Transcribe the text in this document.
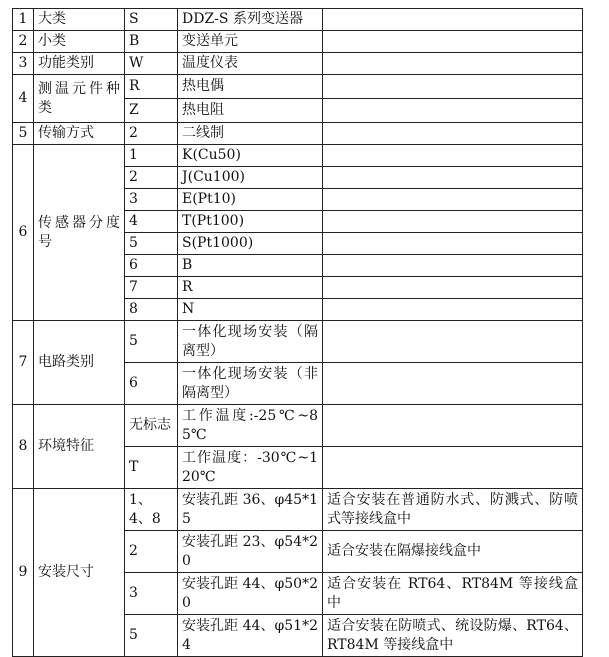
1	大类	S	DDZ-S 系列变送器	
2	小类	B	变送单元	
3	功能类别	W	温度仪表	
4	测温元件种类	R	热电偶	
		Z	热电阻	
5	传输方式	2	二线制	
6	传感器分度号	1	K(Cu50)	
		2	J(Cu100)	
		3	E(Pt10)	
		4	T(Pt100)	
		5	S(Pt1000)	
		6	B	
		7	R	
		8	N	
7	电路类别	5	一体化现场安装（隔离型）	
		6	一体化现场安装（非隔离型）	
8	环境特征	无标志	工作温度:-25℃~85℃	
		T	工作温度：-30℃~120℃	
9	安装尺寸	1、4、8	安装孔距 36、φ45*15	适合安装在普通防水式、防溅式、防喷式等接线盒中
		2	安装孔距 23、φ54*20	适合安装在隔爆接线盒中
		3	安装孔距 44、φ50*20	适合安装在 RT64、RT84M 等接线盒中
		5	安装孔距 44、φ51*24	适合安装在防喷式、统设防爆、RT64、RT84M 等接线盒中
